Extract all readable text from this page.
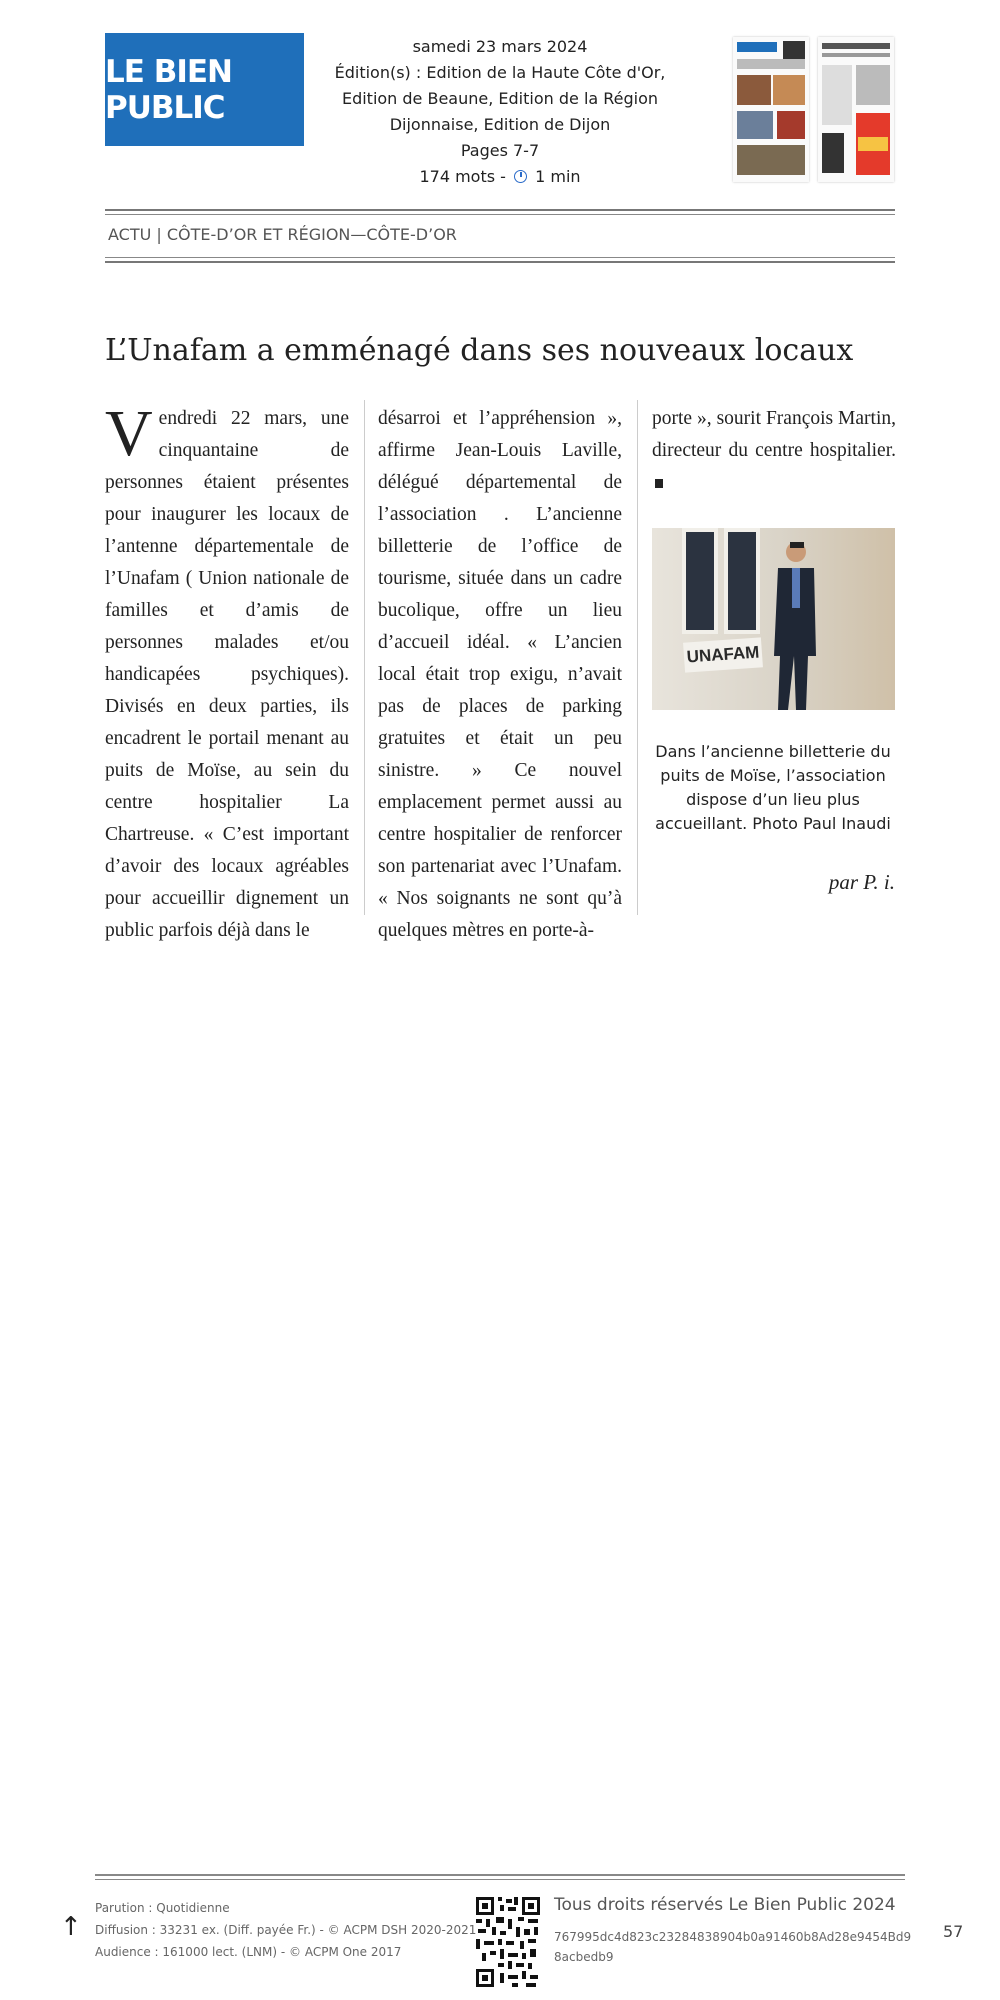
LE BIEN PUBLIC
samedi 23 mars 2024
Édition(s) : Edition de la Haute Côte d'Or, Edition de Beaune, Edition de la Région Dijonnaise, Edition de Dijon
Pages 7-7
174 mots - 1 min
ACTU | CÔTE-D’OR ET RÉGION—CÔTE-D’OR
L’Unafam a emménagé dans ses nouveaux locaux

Vendredi 22 mars, une cinquantaine de personnes étaient présentes pour inaugurer les locaux de l’antenne départementale de l’Unafam ( Union nationale de familles et d’amis de personnes malades et/ou handicapées psychiques). Divisés en deux parties, ils encadrent le portail menant au puits de Moïse, au sein du centre hospitalier La Chartreuse. « C’est important d’avoir des locaux agréables pour accueillir dignement un public parfois déjà dans le

désarroi et l’appréhension », affirme Jean-Louis Laville, délégué départemental de l’association . L’ancienne billetterie de l’office de tourisme, située dans un cadre bucolique, offre un lieu d’accueil idéal. « L’ancien local était trop exigu, n’avait pas de places de parking gratuites et était un peu sinistre. » Ce nouvel emplacement permet aussi au centre hospitalier de renforcer son partenariat avec l’Unafam. « Nos soignants ne sont qu’à quelques mètres en porte-à-

porte », sourit François Martin, directeur du centre hospitalier.

UNAFAM
Dans l’ancienne billetterie du puits de Moïse, l’association dispose d’un lieu plus accueillant. Photo Paul Inaudi
par P. i.
↑
Parution : Quotidienne
Diffusion : 33231 ex. (Diff. payée Fr.) - © ACPM DSH 2020-2021
Audience : 161000 lect. (LNM) - © ACPM One 2017
Tous droits réservés Le Bien Public 2024
767995dc4d823c23284838904b0a91460b8Ad28e9454Bd98acbedb9
57
